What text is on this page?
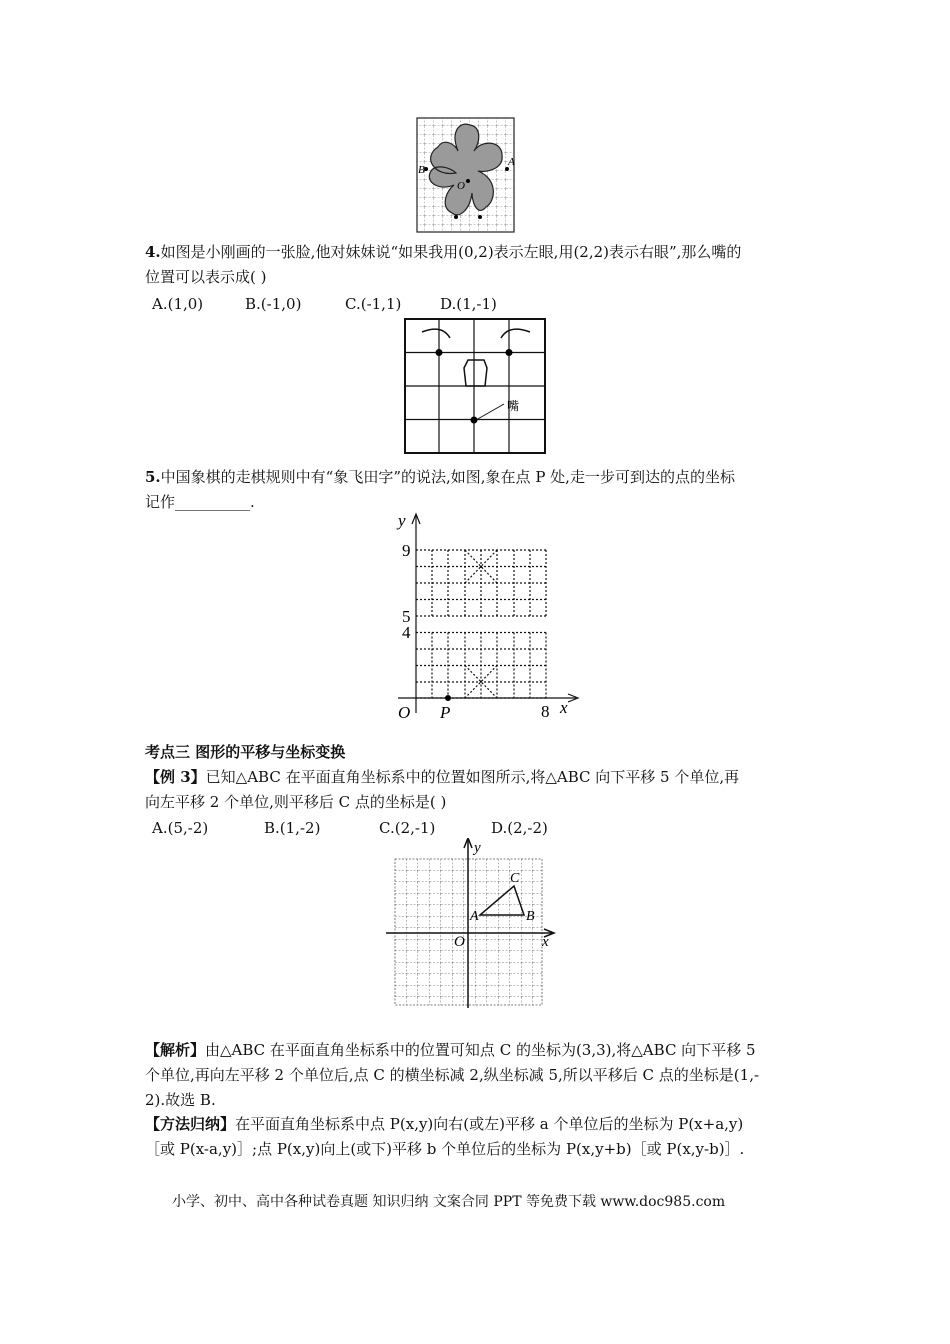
B
A
O
4.如图是小刚画的一张脸,他对妹妹说“如果我用(0,2)表示左眼,用(2,2)表示右眼”,那么嘴的
位置可以表示成( )
A.(1,0)	B.(-1,0)	C.(-1,1)	D.(1,-1)
嘴
5.中国象棋的走棋规则中有“象飞田字”的说法,如图,象在点 P 处,走一步可到达的点的坐标
记作__________.
y
x
O P
9
5
4
8
考点三 图形的平移与坐标变换
【例 3】已知△ABC 在平面直角坐标系中的位置如图所示,将△ABC 向下平移 5 个单位,再
向左平移 2 个单位,则平移后 C 点的坐标是( )
A.(5,-2)	B.(1,-2)	C.(2,-1)	D.(2,-2)
y
x
O
A	B
C
【解析】由△ABC 在平面直角坐标系中的位置可知点 C 的坐标为(3,3),将△ABC 向下平移 5
个单位,再向左平移 2 个单位后,点 C 的横坐标减 2,纵坐标减 5,所以平移后 C 点的坐标是(1,-
2).故选 B.
【方法归纳】在平面直角坐标系中点 P(x,y)向右(或左)平移 a 个单位后的坐标为 P(x+a,y)
［或 P(x-a,y)］;点 P(x,y)向上(或下)平移 b 个单位后的坐标为 P(x,y+b)［或 P(x,y-b)］.
小学、初中、高中各种试卷真题 知识归纳 文案合同 PPT 等免费下载 www.doc985.com
